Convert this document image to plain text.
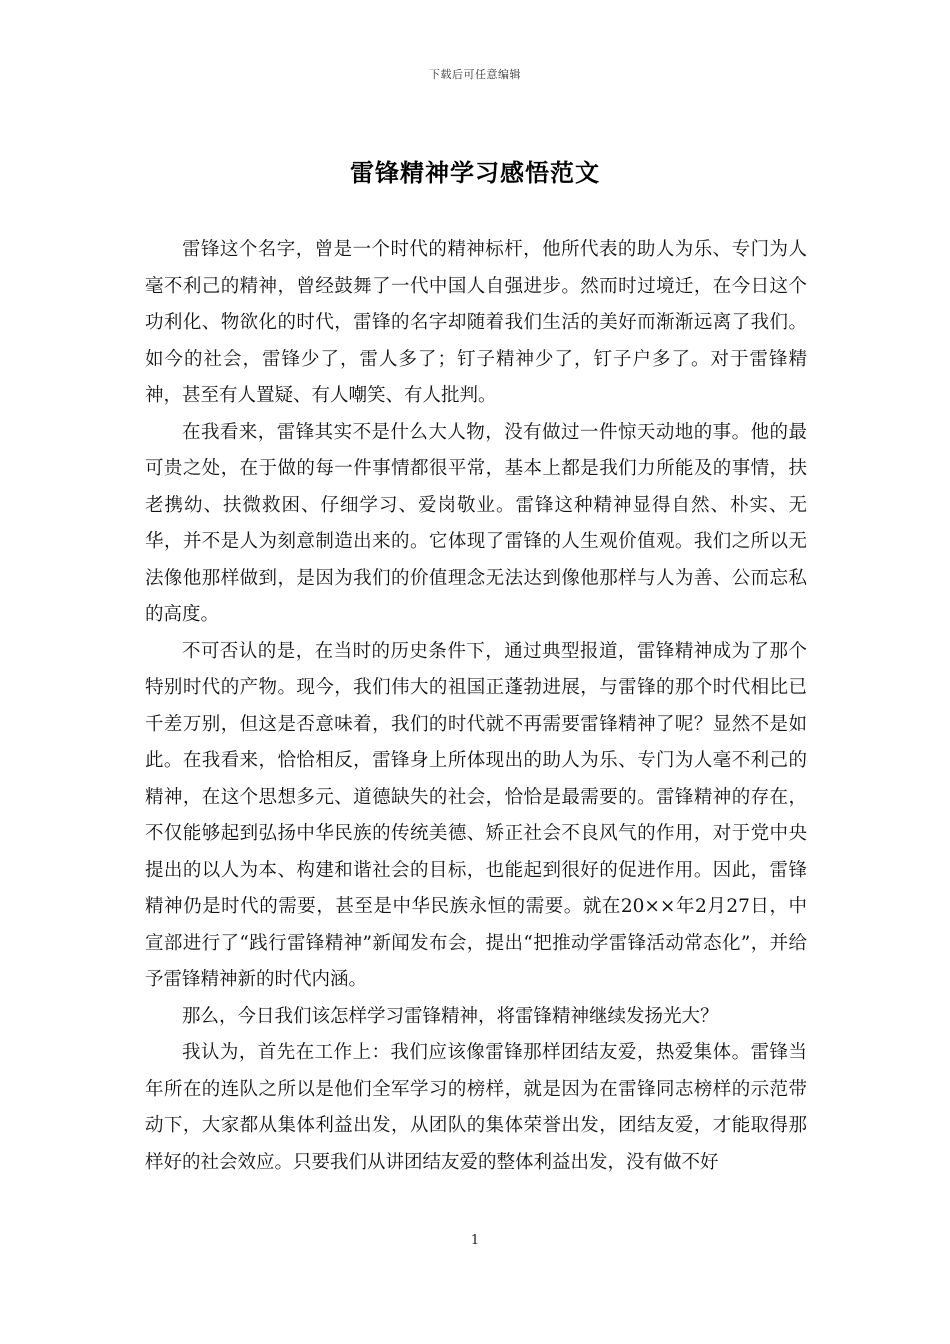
下载后可任意编辑
雷锋精神学习感悟范文

雷锋这个名字，曾是一个时代的精神标杆，他所代表的助人为乐、专门为人毫不利己的精神，曾经鼓舞了一代中国人自强进步。然而时过境迁，在今日这个功利化、物欲化的时代，雷锋的名字却随着我们生活的美好而渐渐远离了我们。如今的社会，雷锋少了，雷人多了；钉子精神少了，钉子户多了。对于雷锋精神，甚至有人置疑、有人嘲笑、有人批判。

在我看来，雷锋其实不是什么大人物，没有做过一件惊天动地的事。他的最可贵之处，在于做的每一件事情都很平常，基本上都是我们力所能及的事情，扶老携幼、扶微救困、仔细学习、爱岗敬业。雷锋这种精神显得自然、朴实、无华，并不是人为刻意制造出来的。它体现了雷锋的人生观价值观。我们之所以无法像他那样做到，是因为我们的价值理念无法达到像他那样与人为善、公而忘私的高度。

不可否认的是，在当时的历史条件下，通过典型报道，雷锋精神成为了那个特别时代的产物。现今，我们伟大的祖国正蓬勃进展，与雷锋的那个时代相比已千差万别，但这是否意味着，我们的时代就不再需要雷锋精神了呢？显然不是如此。在我看来，恰恰相反，雷锋身上所体现出的助人为乐、专门为人毫不利己的精神，在这个思想多元、道德缺失的社会，恰恰是最需要的。雷锋精神的存在，不仅能够起到弘扬中华民族的传统美德、矫正社会不良风气的作用，对于党中央提出的以人为本、构建和谐社会的目标，也能起到很好的促进作用。因此，雷锋精神仍是时代的需要，甚至是中华民族永恒的需要。就在20××年2月27日，中宣部进行了“践行雷锋精神”新闻发布会，提出“把推动学雷锋活动常态化”，并给予雷锋精神新的时代内涵。

那么，今日我们该怎样学习雷锋精神，将雷锋精神继续发扬光大？

我认为，首先在工作上：我们应该像雷锋那样团结友爱，热爱集体。雷锋当年所在的连队之所以是他们全军学习的榜样，就是因为在雷锋同志榜样的示范带动下，大家都从集体利益出发，从团队的集体荣誉出发，团结友爱，才能取得那样好的社会效应。只要我们从讲团结友爱的整体利益出发，没有做不好

1
